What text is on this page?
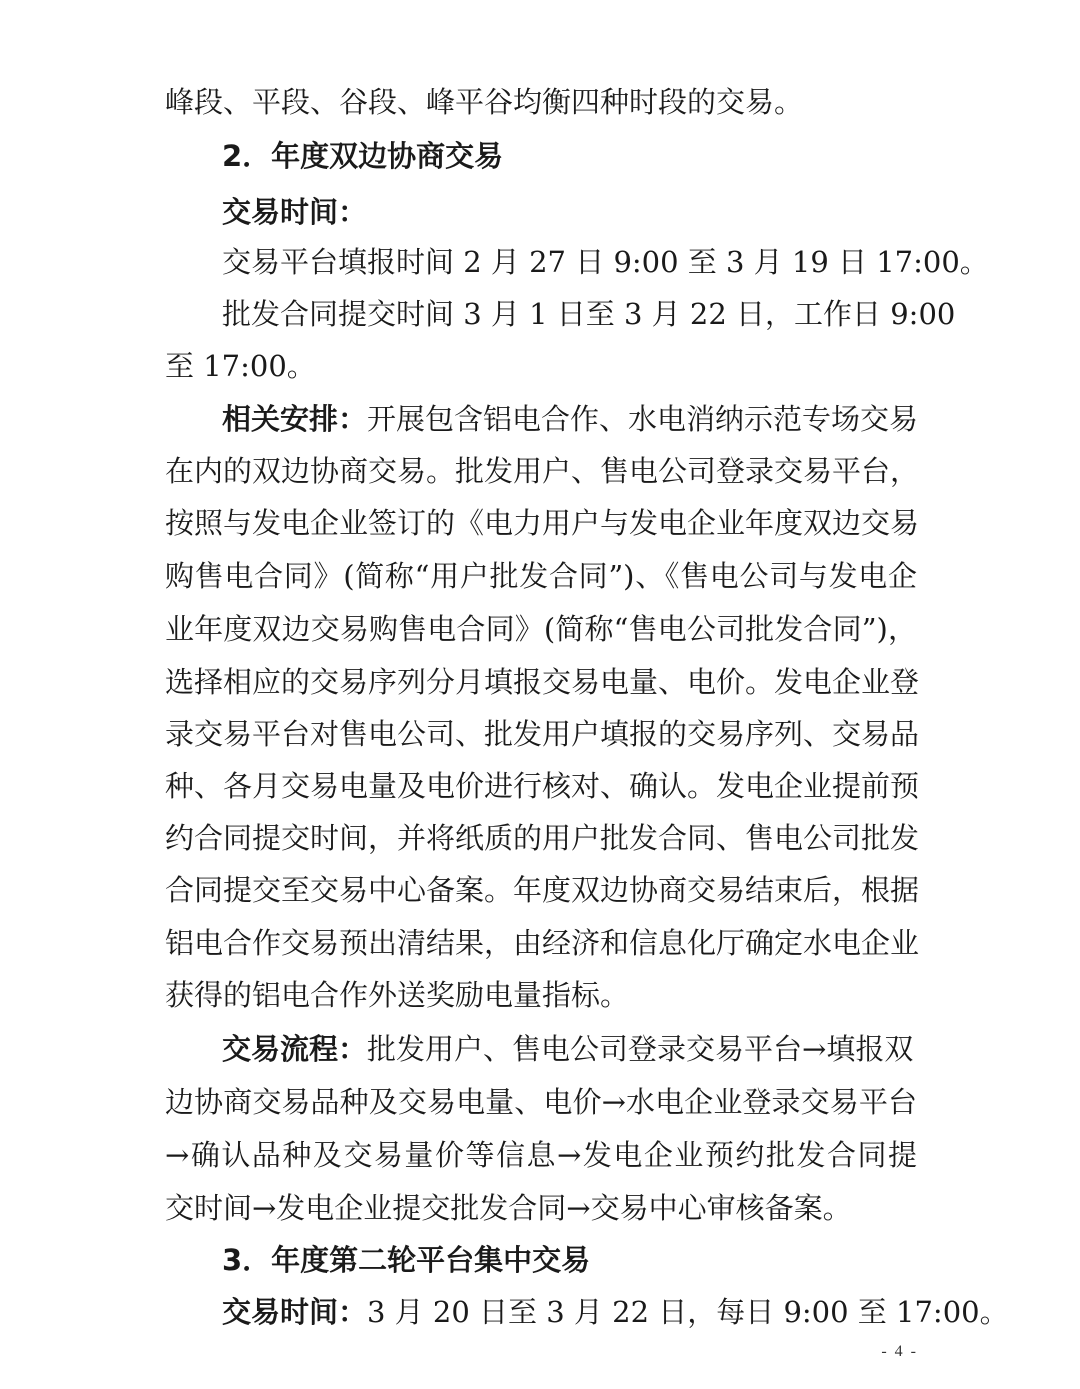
峰段、平段、谷段、峰平谷均衡四种时段的交易。
2．年度双边协商交易
交易时间：
交易平台填报时间 2 月 27 日 9:00 至 3 月 19 日 17:00。
批发合同提交时间 3 月 1 日至 3 月 22 日，工作日 9:00
至 17:00。
相关安排：开展包含铝电合作、水电消纳示范专场交易
在内的双边协商交易。批发用户、售电公司登录交易平台，
按照与发电企业签订的《电力用户与发电企业年度双边交易
购售电合同》(简称“用户批发合同”)、《售电公司与发电企
业年度双边交易购售电合同》(简称“售电公司批发合同”)，
选择相应的交易序列分月填报交易电量、电价。发电企业登
录交易平台对售电公司、批发用户填报的交易序列、交易品
种、各月交易电量及电价进行核对、确认。发电企业提前预
约合同提交时间，并将纸质的用户批发合同、售电公司批发
合同提交至交易中心备案。年度双边协商交易结束后，根据
铝电合作交易预出清结果，由经济和信息化厅确定水电企业
获得的铝电合作外送奖励电量指标。
交易流程：批发用户、售电公司登录交易平台→填报双
边协商交易品种及交易电量、电价→水电企业登录交易平台
→确认品种及交易量价等信息→发电企业预约批发合同提
交时间→发电企业提交批发合同→交易中心审核备案。
3．年度第二轮平台集中交易
交易时间：3 月 20 日至 3 月 22 日，每日 9:00 至 17:00。
- 4 -
